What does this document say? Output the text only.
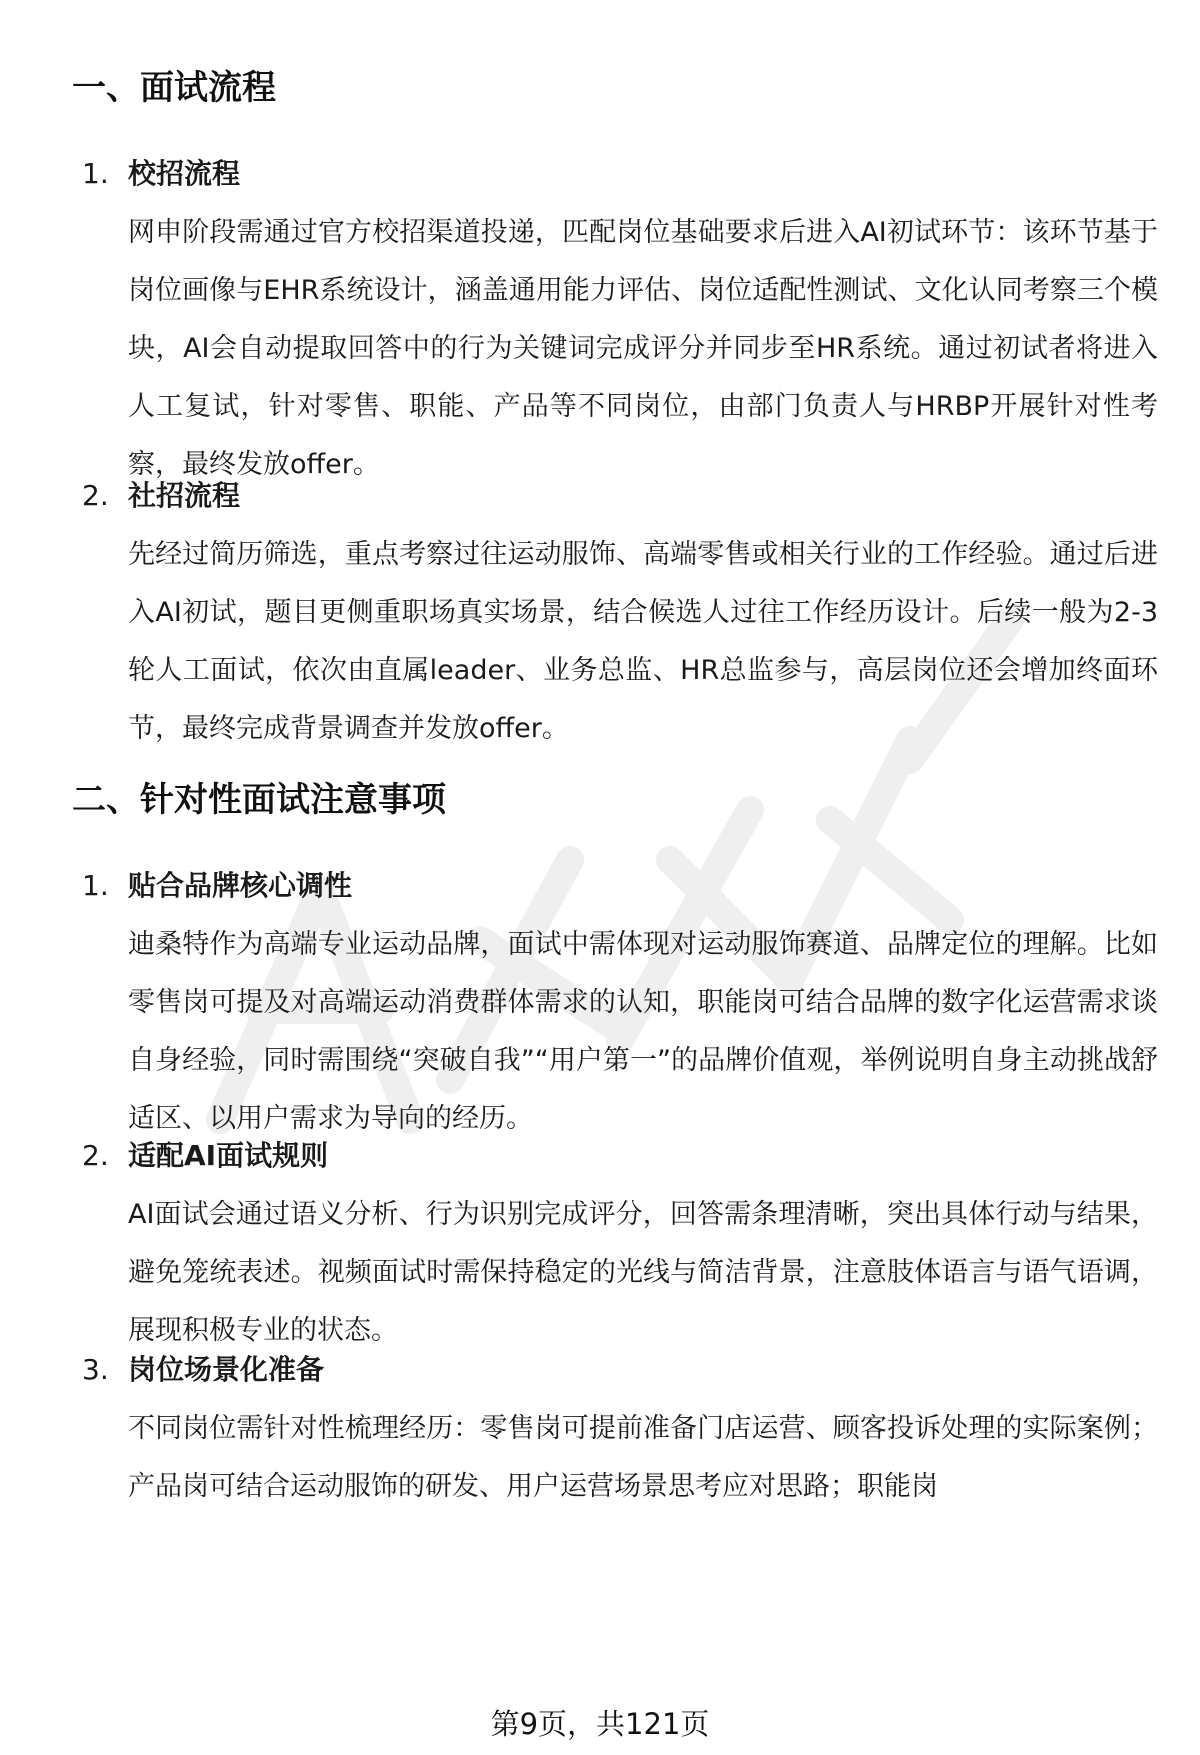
一、面试流程
1. 校招流程
网申阶段需通过官方校招渠道投递，匹配岗位基础要求后进入AI初试环节：该环节基于岗位画像与EHR系统设计，涵盖通用能力评估、岗位适配性测试、文化认同考察三个模块，AI会自动提取回答中的行为关键词完成评分并同步至HR系统。通过初试者将进入人工复试，针对零售、职能、产品等不同岗位，由部门负责人与HRBP开展针对性考察，最终发放offer。
2. 社招流程
先经过简历筛选，重点考察过往运动服饰、高端零售或相关行业的工作经验。通过后进入AI初试，题目更侧重职场真实场景，结合候选人过往工作经历设计。后续一般为2-3轮人工面试，依次由直属leader、业务总监、HR总监参与，高层岗位还会增加终面环节，最终完成背景调查并发放offer。
二、针对性面试注意事项
1. 贴合品牌核心调性
迪桑特作为高端专业运动品牌，面试中需体现对运动服饰赛道、品牌定位的理解。比如零售岗可提及对高端运动消费群体需求的认知，职能岗可结合品牌的数字化运营需求谈自身经验，同时需围绕“突破自我”“用户第一”的品牌价值观，举例说明自身主动挑战舒适区、以用户需求为导向的经历。
2. 适配AI面试规则
AI面试会通过语义分析、行为识别完成评分，回答需条理清晰，突出具体行动与结果，避免笼统表述。视频面试时需保持稳定的光线与简洁背景，注意肢体语言与语气语调，展现积极专业的状态。
3. 岗位场景化准备
不同岗位需针对性梳理经历：零售岗可提前准备门店运营、顾客投诉处理的实际案例；产品岗可结合运动服饰的研发、用户运营场景思考应对思路；职能岗
第9页，共121页
